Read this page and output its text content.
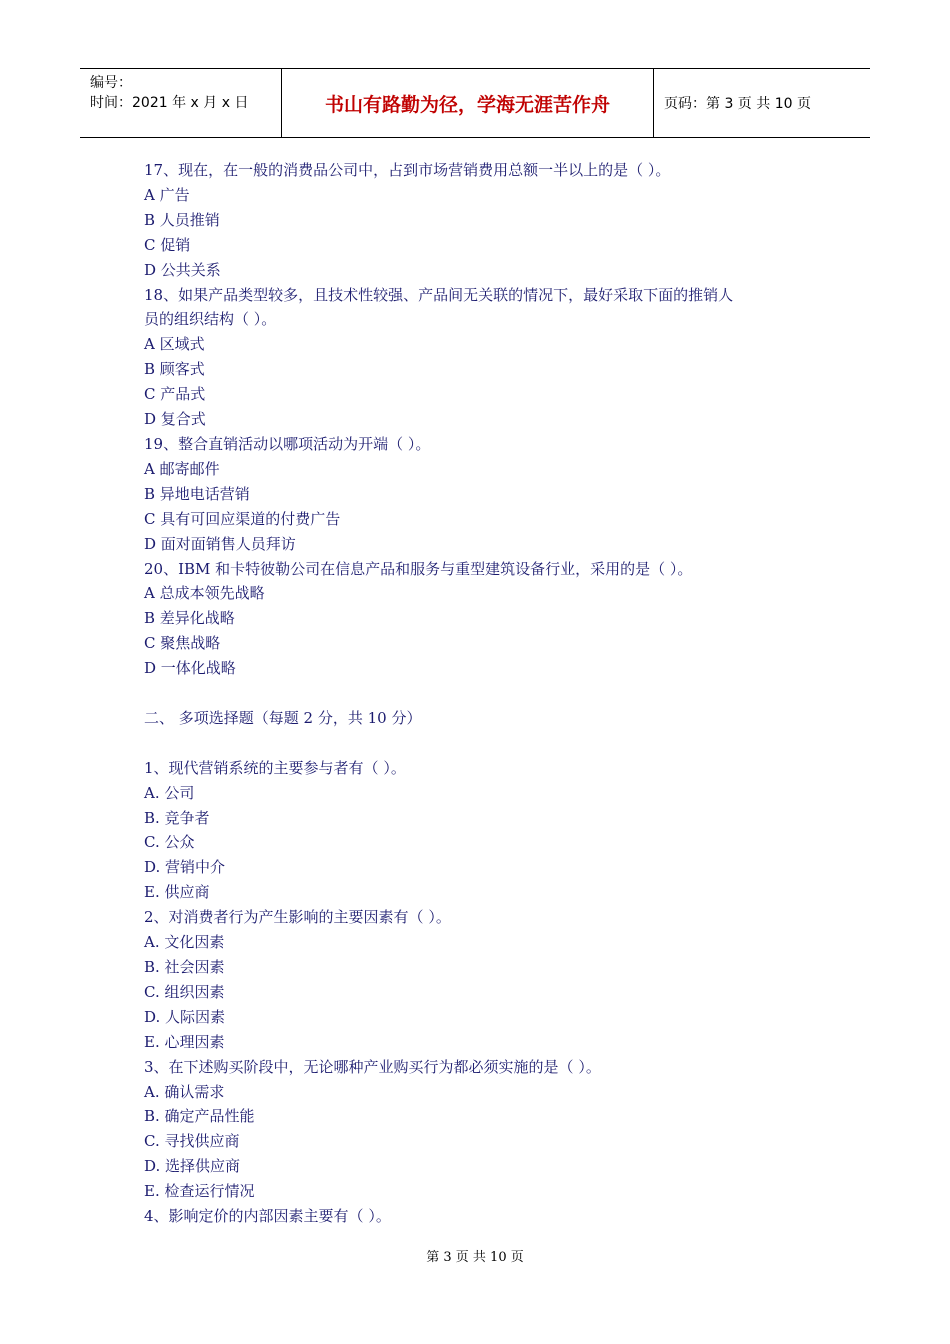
编号：
时间：2021 年 x 月 x 日	书山有路勤为径，学海无涯苦作舟	页码：第 3 页 共 10 页
17、现在，在一般的消费品公司中，占到市场营销费用总额一半以上的是（ ）。
A 广告
B 人员推销
C 促销
D 公共关系
18、如果产品类型较多，且技术性较强、产品间无关联的情况下，最好采取下面的推销人
员的组织结构（ ）。
A 区域式
B 顾客式
C 产品式
D 复合式
19、整合直销活动以哪项活动为开端（ ）。
A 邮寄邮件
B 异地电话营销
C 具有可回应渠道的付费广告
D 面对面销售人员拜访
20、IBM 和卡特彼勒公司在信息产品和服务与重型建筑设备行业，采用的是（ ）。
A 总成本领先战略
B 差异化战略
C 聚焦战略
D 一体化战略
二、 多项选择题（每题 2 分，共 10 分）
1、现代营销系统的主要参与者有（ ）。
A. 公司
B. 竞争者
C. 公众
D. 营销中介
E. 供应商
2、对消费者行为产生影响的主要因素有（ ）。
A. 文化因素
B. 社会因素
C. 组织因素
D. 人际因素
E. 心理因素
3、在下述购买阶段中，无论哪种产业购买行为都必须实施的是（ ）。
A. 确认需求
B. 确定产品性能
C. 寻找供应商
D. 选择供应商
E. 检查运行情况
4、影响定价的内部因素主要有（ ）。
第 3 页 共 10 页
